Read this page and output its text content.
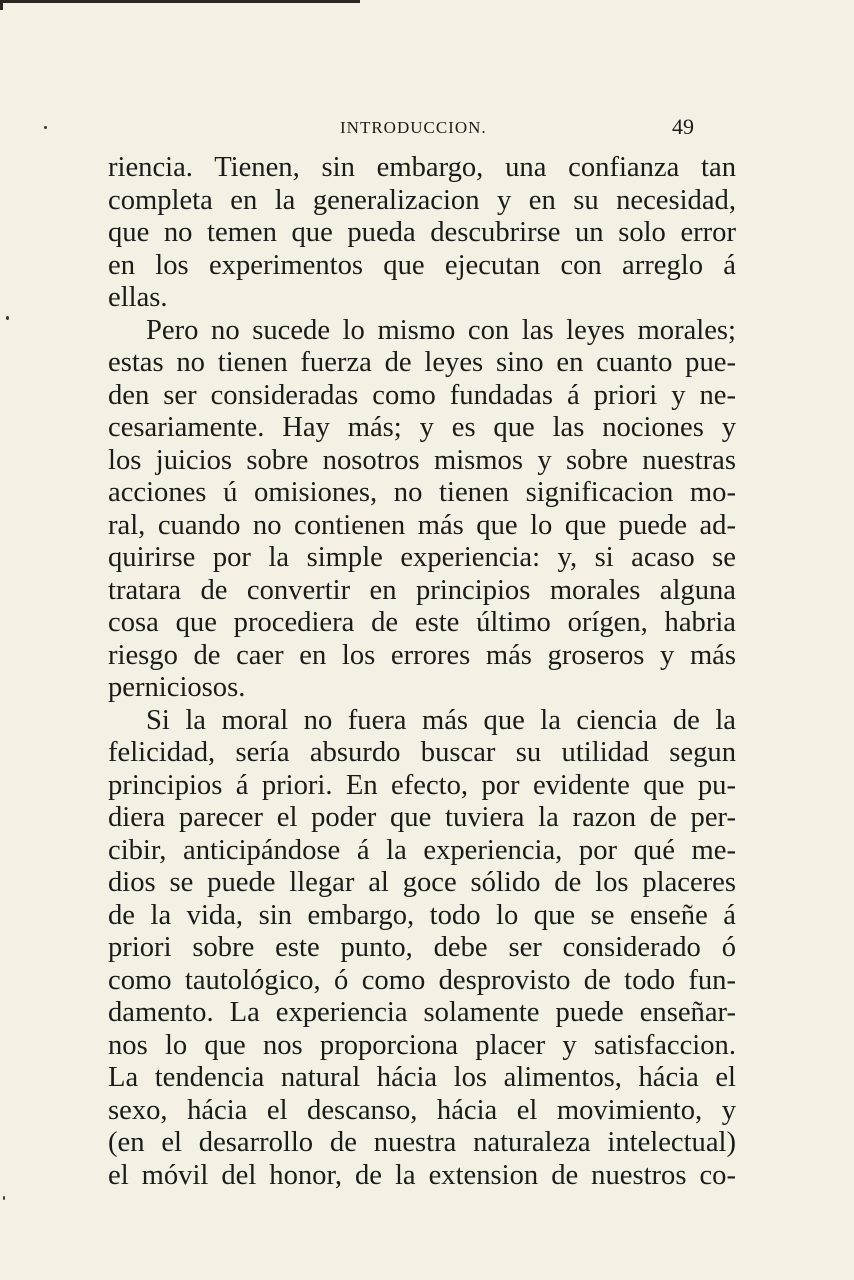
INTRODUCCION.	49
riencia. Tienen, sin embargo, una confianza tan
completa en la generalizacion y en su necesidad,
que no temen que pueda descubrirse un solo error
en los experimentos que ejecutan con arreglo á
ellas.
Pero no sucede lo mismo con las leyes morales;
estas no tienen fuerza de leyes sino en cuanto pue-
den ser consideradas como fundadas á priori y ne-
cesariamente. Hay más; y es que las nociones y
los juicios sobre nosotros mismos y sobre nuestras
acciones ú omisiones, no tienen significacion mo-
ral, cuando no contienen más que lo que puede ad-
quirirse por la simple experiencia: y, si acaso se
tratara de convertir en principios morales alguna
cosa que procediera de este último orígen, habria
riesgo de caer en los errores más groseros y más
perniciosos.
Si la moral no fuera más que la ciencia de la
felicidad, sería absurdo buscar su utilidad segun
principios á priori. En efecto, por evidente que pu-
diera parecer el poder que tuviera la razon de per-
cibir, anticipándose á la experiencia, por qué me-
dios se puede llegar al goce sólido de los placeres
de la vida, sin embargo, todo lo que se enseñe á
priori sobre este punto, debe ser considerado ó
como tautológico, ó como desprovisto de todo fun-
damento. La experiencia solamente puede enseñar-
nos lo que nos proporciona placer y satisfaccion.
La tendencia natural hácia los alimentos, hácia el
sexo, hácia el descanso, hácia el movimiento, y
(en el desarrollo de nuestra naturaleza intelectual)
el móvil del honor, de la extension de nuestros co-
